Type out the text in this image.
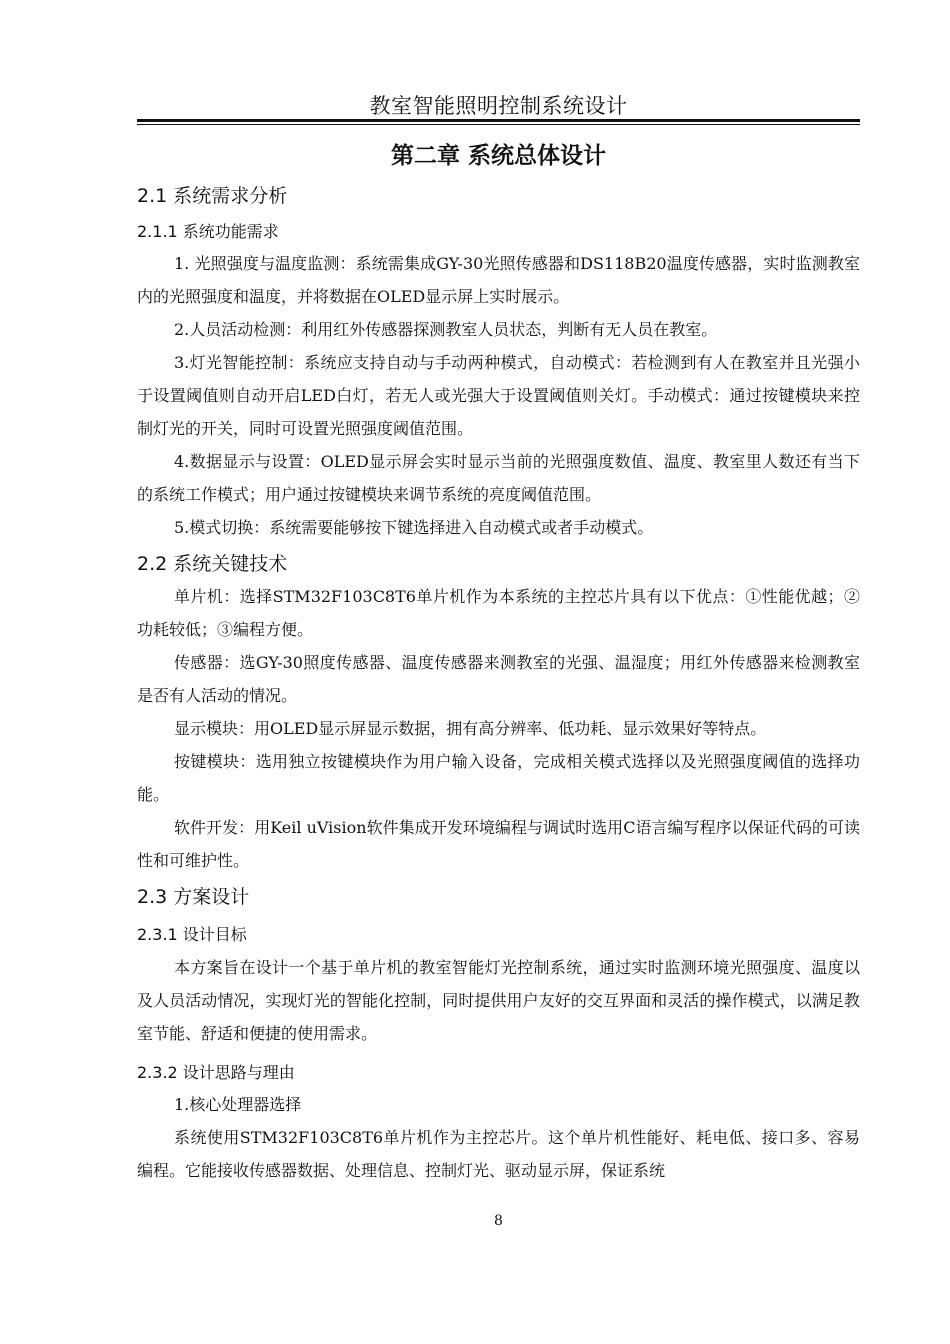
教室智能照明控制系统设计
第二章 系统总体设计
2.1 系统需求分析
2.1.1 系统功能需求

1. 光照强度与温度监测：系统需集成GY-30光照传感器和DS118B20温度传感器，实时监测教室内的光照强度和温度，并将数据在OLED显示屏上实时展示。

2.人员活动检测：利用红外传感器探测教室人员状态，判断有无人员在教室。

3.灯光智能控制：系统应支持自动与手动两种模式，自动模式：若检测到有人在教室并且光强小于设置阈值则自动开启LED白灯，若无人或光强大于设置阈值则关灯。手动模式：通过按键模块来控制灯光的开关，同时可设置光照强度阈值范围。

4.数据显示与设置：OLED显示屏会实时显示当前的光照强度数值、温度、教室里人数还有当下的系统工作模式；用户通过按键模块来调节系统的亮度阈值范围。

5.模式切换：系统需要能够按下键选择进入自动模式或者手动模式。

2.2 系统关键技术

单片机：选择STM32F103C8T6单片机作为本系统的主控芯片具有以下优点：①性能优越；②功耗较低；③编程方便。

传感器：选GY-30照度传感器、温度传感器来测教室的光强、温湿度；用红外传感器来检测教室是否有人活动的情况。

显示模块：用OLED显示屏显示数据，拥有高分辨率、低功耗、显示效果好等特点。

按键模块：选用独立按键模块作为用户输入设备，完成相关模式选择以及光照强度阈值的选择功能。

软件开发：用Keil uVision软件集成开发环境编程与调试时选用C语言编写程序以保证代码的可读性和可维护性。

2.3 方案设计
2.3.1 设计目标

本方案旨在设计一个基于单片机的教室智能灯光控制系统，通过实时监测环境光照强度、温度以及人员活动情况，实现灯光的智能化控制，同时提供用户友好的交互界面和灵活的操作模式，以满足教室节能、舒适和便捷的使用需求。

2.3.2 设计思路与理由

1.核心处理器选择

系统使用STM32F103C8T6单片机作为主控芯片。这个单片机性能好、耗电低、接口多、容易编程。它能接收传感器数据、处理信息、控制灯光、驱动显示屏，保证系统

8
